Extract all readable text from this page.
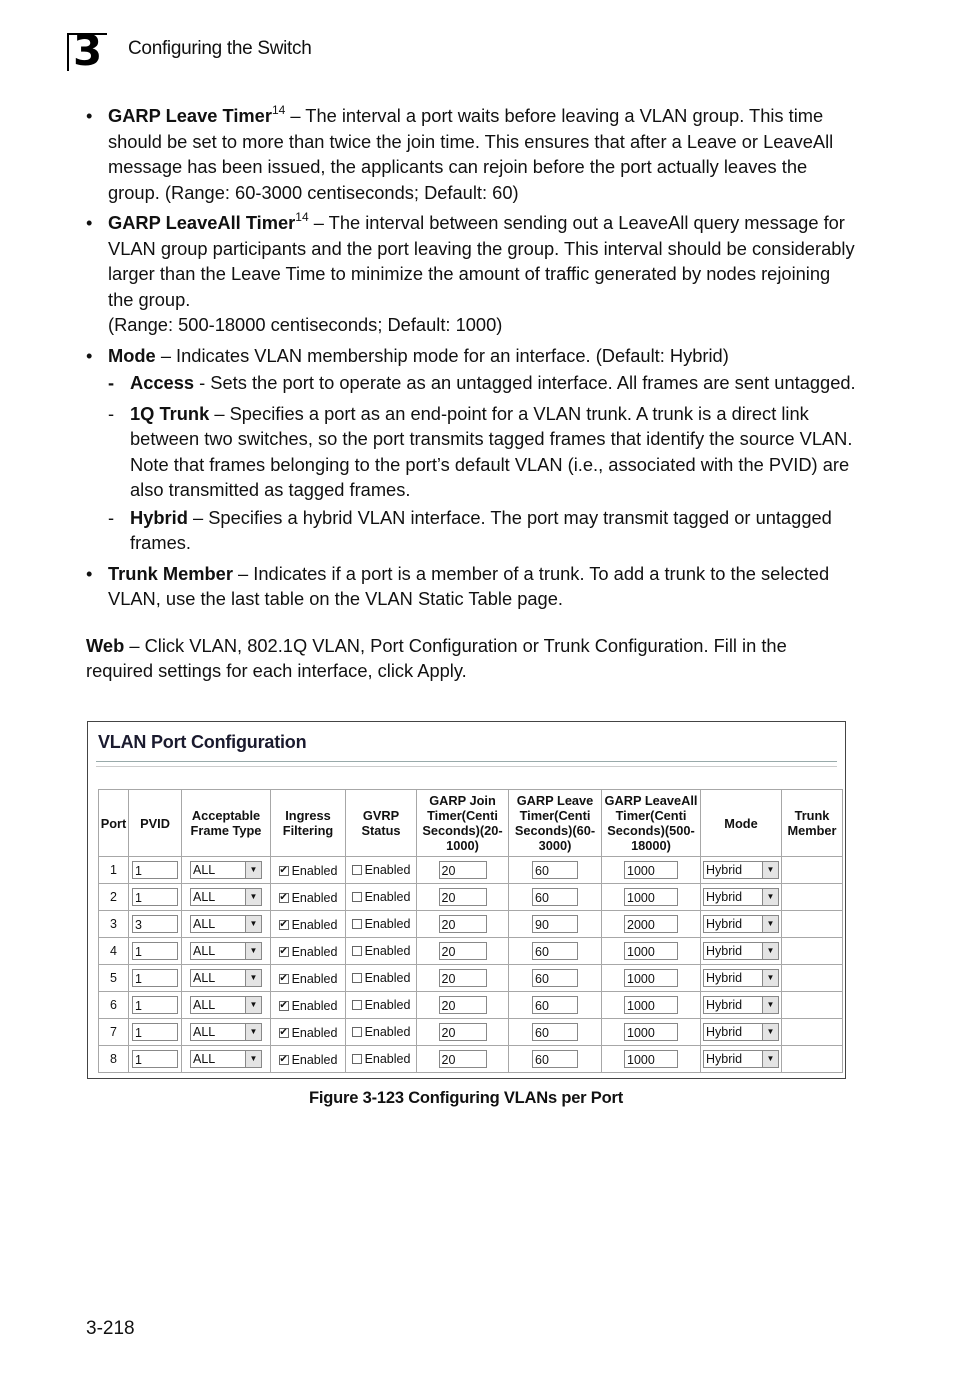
3 Configuring the Switch
• GARP Leave Timer$^{14}$ – The interval a port waits before leaving a VLAN group. This time should be set to more than twice the join time. This ensures that after a Leave or LeaveAll message has been issued, the applicants can rejoin before the port actually leaves the group. (Range: 60-3000 centiseconds; Default: 60)
• GARP LeaveAll Timer$^{14}$ – The interval between sending out a LeaveAll query message for VLAN group participants and the port leaving the group. This interval should be considerably larger than the Leave Time to minimize the amount of traffic generated by nodes rejoining the group.
(Range: 500-18000 centiseconds; Default: 1000)
• Mode – Indicates VLAN membership mode for an interface. (Default: Hybrid)
- Access - Sets the port to operate as an untagged interface. All frames are sent untagged.
- 1Q Trunk – Specifies a port as an end-point for a VLAN trunk. A trunk is a direct link between two switches, so the port transmits tagged frames that identify the source VLAN. Note that frames belonging to the port’s default VLAN (i.e., associated with the PVID) are also transmitted as tagged frames.
- Hybrid – Specifies a hybrid VLAN interface. The port may transmit tagged or untagged frames.
• Trunk Member – Indicates if a port is a member of a trunk. To add a trunk to the selected VLAN, use the last table on the VLAN Static Table page.
Web – Click VLAN, 802.1Q VLAN, Port Configuration or Trunk Configuration. Fill in the required settings for each interface, click Apply.
VLAN Port Configuration
Port	PVID	Acceptable Frame Type	Ingress Filtering	GVRP Status	GARP Join Timer(Centi Seconds)(20-1000)	GARP Leave Timer(Centi Seconds)(60-3000)	GARP LeaveAll Timer(Centi Seconds)(500-18000)	Mode	Trunk Member
1	1	ALL ▼	✔ Enabled	Enabled	20	60	1000	Hybrid ▼	

2	1	ALL ▼	✔ Enabled	Enabled	20	60	1000	Hybrid ▼	

3	3	ALL ▼	✔ Enabled	Enabled	20	90	2000	Hybrid ▼	

4	1	ALL ▼	✔ Enabled	Enabled	20	60	1000	Hybrid ▼	

5	1	ALL ▼	✔ Enabled	Enabled	20	60	1000	Hybrid ▼	

6	1	ALL ▼	✔ Enabled	Enabled	20	60	1000	Hybrid ▼	

7	1	ALL ▼	✔ Enabled	Enabled	20	60	1000	Hybrid ▼	

8	1	ALL ▼	✔ Enabled	Enabled	20	60	1000	Hybrid ▼	

Figure 3-123 Configuring VLANs per Port
3-218
